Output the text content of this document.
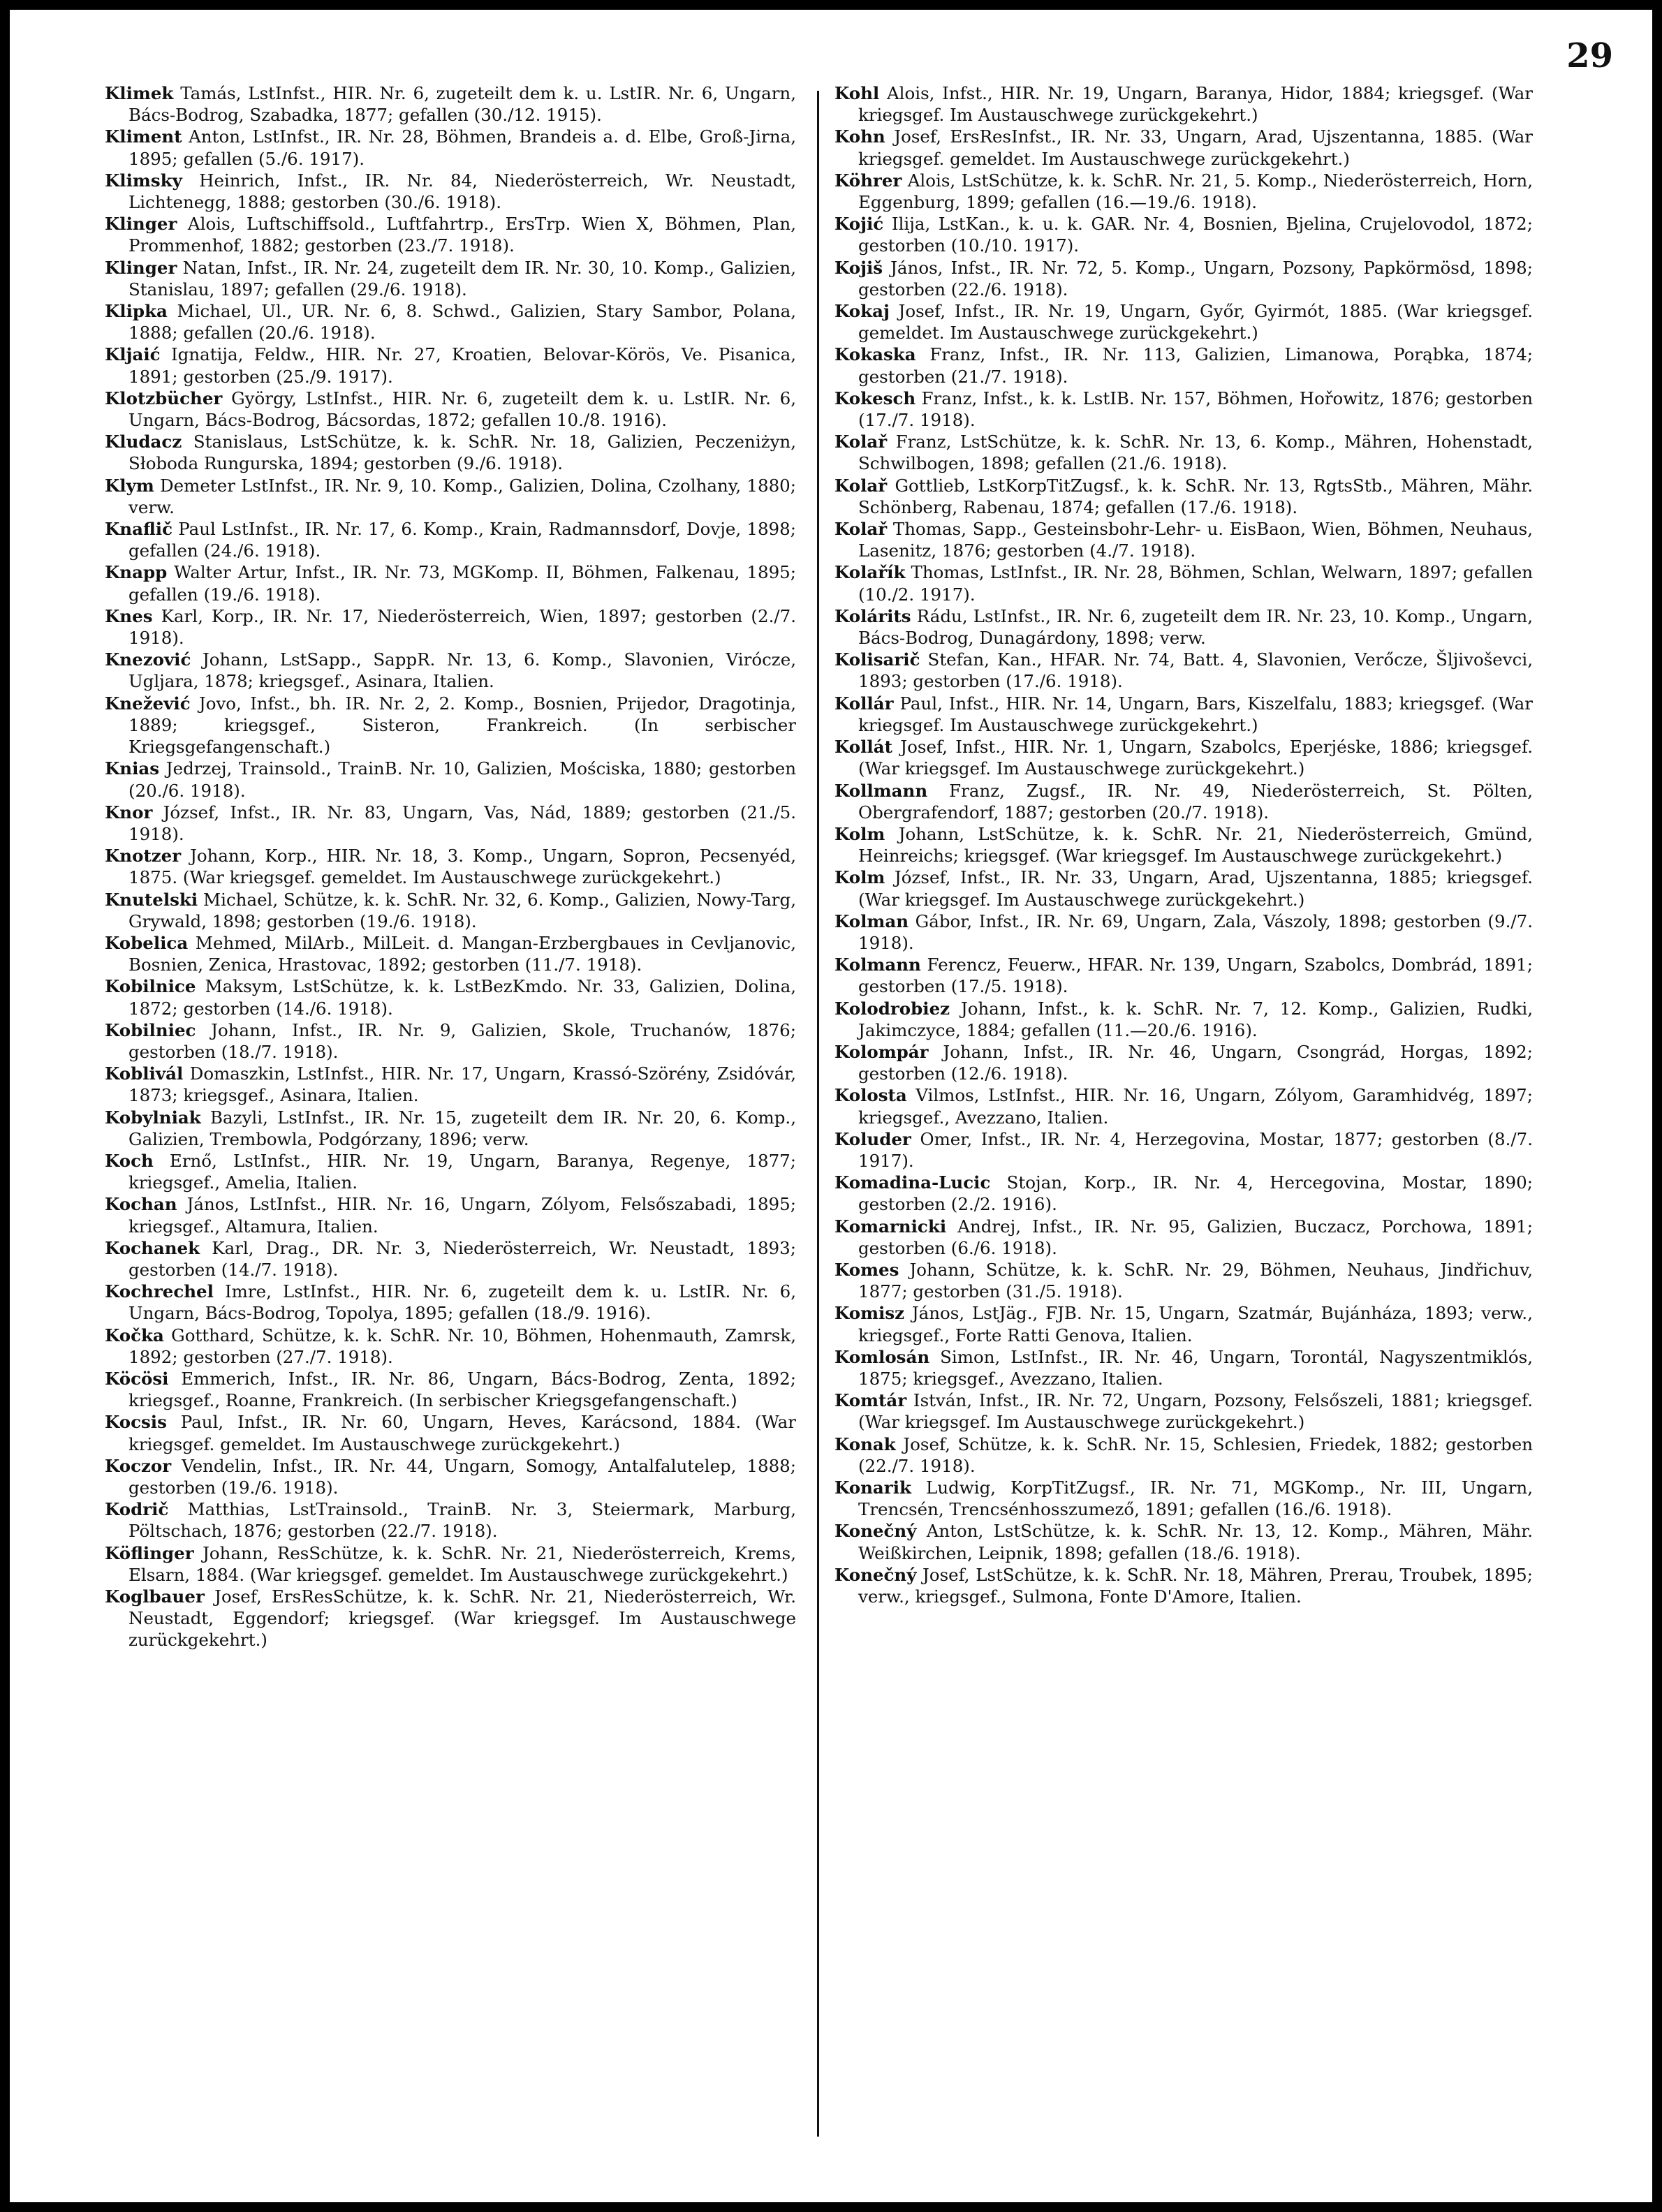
29

Klimek Tamás, LstInfst., HIR. Nr. 6, zugeteilt dem k. u. LstIR. Nr. 6, Ungarn, Bács-Bodrog, Szabadka, 1877; gefallen (30./12. 1915).

Kliment Anton, LstInfst., IR. Nr. 28, Böhmen, Brandeis a. d. Elbe, Groß-Jirna, 1895; gefallen (5./6. 1917).

Klimsky Heinrich, Infst., IR. Nr. 84, Niederösterreich, Wr. Neustadt, Lichtenegg, 1888; gestorben (30./6. 1918).

Klinger Alois, Luftschiffsold., Luftfahrtrp., ErsTrp. Wien X, Böhmen, Plan, Prommenhof, 1882; gestorben (23./7. 1918).

Klinger Natan, Infst., IR. Nr. 24, zugeteilt dem IR. Nr. 30, 10. Komp., Galizien, Stanislau, 1897; gefallen (29./6. 1918).

Klipka Michael, Ul., UR. Nr. 6, 8. Schwd., Galizien, Stary Sambor, Polana, 1888; gefallen (20./6. 1918).

Kljaić Ignatija, Feldw., HIR. Nr. 27, Kroatien, Belovar-Körös, Ve. Pisanica, 1891; gestorben (25./9. 1917).

Klotzbücher György, LstInfst., HIR. Nr. 6, zugeteilt dem k. u. LstIR. Nr. 6, Ungarn, Bács-Bodrog, Bácsordas, 1872; gefallen 10./8. 1916).

Kludacz Stanislaus, LstSchütze, k. k. SchR. Nr. 18, Galizien, Peczeniżyn, Słoboda Rungurska, 1894; gestorben (9./6. 1918).

Klym Demeter LstInfst., IR. Nr. 9, 10. Komp., Galizien, Dolina, Czolhany, 1880; verw.

Knaflič Paul LstInfst., IR. Nr. 17, 6. Komp., Krain, Radmannsdorf, Dovje, 1898; gefallen (24./6. 1918).

Knapp Walter Artur, Infst., IR. Nr. 73, MGKomp. II, Böhmen, Falkenau, 1895; gefallen (19./6. 1918).

Knes Karl, Korp., IR. Nr. 17, Niederösterreich, Wien, 1897; gestorben (2./7. 1918).

Knezović Johann, LstSapp., SappR. Nr. 13, 6. Komp., Slavonien, Virócze, Ugljara, 1878; kriegsgef., Asinara, Italien.

Knežević Jovo, Infst., bh. IR. Nr. 2, 2. Komp., Bosnien, Prijedor, Dragotinja, 1889; kriegsgef., Sisteron, Frankreich. (In serbischer Kriegsgefangenschaft.)

Knias Jedrzej, Trainsold., TrainB. Nr. 10, Galizien, Mościska, 1880; gestorben (20./6. 1918).

Knor József, Infst., IR. Nr. 83, Ungarn, Vas, Nád, 1889; gestorben (21./5. 1918).

Knotzer Johann, Korp., HIR. Nr. 18, 3. Komp., Ungarn, Sopron, Pecsenyéd, 1875. (War kriegsgef. gemeldet. Im Austauschwege zurückgekehrt.)

Knutelski Michael, Schütze, k. k. SchR. Nr. 32, 6. Komp., Galizien, Nowy-Targ, Grywald, 1898; gestorben (19./6. 1918).

Kobelica Mehmed, MilArb., MilLeit. d. Mangan-Erzbergbaues in Cevljanovic, Bosnien, Zenica, Hrastovac, 1892; gestorben (11./7. 1918).

Kobilnice Maksym, LstSchütze, k. k. LstBezKmdo. Nr. 33, Galizien, Dolina, 1872; gestorben (14./6. 1918).

Kobilniec Johann, Infst., IR. Nr. 9, Galizien, Skole, Truchanów, 1876; gestorben (18./7. 1918).

Koblivál Domaszkin, LstInfst., HIR. Nr. 17, Ungarn, Krassó-Szörény, Zsidóvár, 1873; kriegsgef., Asinara, Italien.

Kobylniak Bazyli, LstInfst., IR. Nr. 15, zugeteilt dem IR. Nr. 20, 6. Komp., Galizien, Trembowla, Podgórzany, 1896; verw.

Koch Ernő, LstInfst., HIR. Nr. 19, Ungarn, Baranya, Regenye, 1877; kriegsgef., Amelia, Italien.

Kochan János, LstInfst., HIR. Nr. 16, Ungarn, Zólyom, Felsőszabadi, 1895; kriegsgef., Altamura, Italien.

Kochanek Karl, Drag., DR. Nr. 3, Niederösterreich, Wr. Neustadt, 1893; gestorben (14./7. 1918).

Kochrechel Imre, LstInfst., HIR. Nr. 6, zugeteilt dem k. u. LstIR. Nr. 6, Ungarn, Bács-Bodrog, Topolya, 1895; gefallen (18./9. 1916).

Kočka Gotthard, Schütze, k. k. SchR. Nr. 10, Böhmen, Hohenmauth, Zamrsk, 1892; gestorben (27./7. 1918).

Köcösi Emmerich, Infst., IR. Nr. 86, Ungarn, Bács-Bodrog, Zenta, 1892; kriegsgef., Roanne, Frankreich. (In serbischer Kriegsgefangenschaft.)

Kocsis Paul, Infst., IR. Nr. 60, Ungarn, Heves, Karácsond, 1884. (War kriegsgef. gemeldet. Im Austauschwege zurückgekehrt.)

Koczor Vendelin, Infst., IR. Nr. 44, Ungarn, Somogy, Antalfalutelep, 1888; gestorben (19./6. 1918).

Kodrič Matthias, LstTrainsold., TrainB. Nr. 3, Steiermark, Marburg, Pöltschach, 1876; gestorben (22./7. 1918).

Köflinger Johann, ResSchütze, k. k. SchR. Nr. 21, Niederösterreich, Krems, Elsarn, 1884. (War kriegsgef. gemeldet. Im Austauschwege zurückgekehrt.)

Koglbauer Josef, ErsResSchütze, k. k. SchR. Nr. 21, Niederösterreich, Wr. Neustadt, Eggendorf; kriegsgef. (War kriegsgef. Im Austauschwege zurückgekehrt.)

Kohl Alois, Infst., HIR. Nr. 19, Ungarn, Baranya, Hidor, 1884; kriegsgef. (War kriegsgef. Im Austauschwege zurückgekehrt.)

Kohn Josef, ErsResInfst., IR. Nr. 33, Ungarn, Arad, Ujszentanna, 1885. (War kriegsgef. gemeldet. Im Austauschwege zurückgekehrt.)

Köhrer Alois, LstSchütze, k. k. SchR. Nr. 21, 5. Komp., Niederösterreich, Horn, Eggenburg, 1899; gefallen (16.—19./6. 1918).

Kojić Ilija, LstKan., k. u. k. GAR. Nr. 4, Bosnien, Bjelina, Crujelovodol, 1872; gestorben (10./10. 1917).

Kojiš János, Infst., IR. Nr. 72, 5. Komp., Ungarn, Pozsony, Papkörmösd, 1898; gestorben (22./6. 1918).

Kokaj Josef, Infst., IR. Nr. 19, Ungarn, Győr, Gyirmót, 1885. (War kriegsgef. gemeldet. Im Austauschwege zurückgekehrt.)

Kokaska Franz, Infst., IR. Nr. 113, Galizien, Limanowa, Porąbka, 1874; gestorben (21./7. 1918).

Kokesch Franz, Infst., k. k. LstIB. Nr. 157, Böhmen, Hořowitz, 1876; gestorben (17./7. 1918).

Kolař Franz, LstSchütze, k. k. SchR. Nr. 13, 6. Komp., Mähren, Hohenstadt, Schwilbogen, 1898; gefallen (21./6. 1918).

Kolař Gottlieb, LstKorpTitZugsf., k. k. SchR. Nr. 13, RgtsStb., Mähren, Mähr. Schönberg, Rabenau, 1874; gefallen (17./6. 1918).

Kolař Thomas, Sapp., Gesteinsbohr-Lehr- u. EisBaon, Wien, Böhmen, Neuhaus, Lasenitz, 1876; gestorben (4./7. 1918).

Kolařík Thomas, LstInfst., IR. Nr. 28, Böhmen, Schlan, Welwarn, 1897; gefallen (10./2. 1917).

Kolárits Rádu, LstInfst., IR. Nr. 6, zugeteilt dem IR. Nr. 23, 10. Komp., Ungarn, Bács-Bodrog, Dunagárdony, 1898; verw.

Kolisarič Stefan, Kan., HFAR. Nr. 74, Batt. 4, Slavonien, Verőcze, Šljivoševci, 1893; gestorben (17./6. 1918).

Kollár Paul, Infst., HIR. Nr. 14, Ungarn, Bars, Kiszelfalu, 1883; kriegsgef. (War kriegsgef. Im Austauschwege zurückgekehrt.)

Kollát Josef, Infst., HIR. Nr. 1, Ungarn, Szabolcs, Eperjéske, 1886; kriegsgef. (War kriegsgef. Im Austauschwege zurückgekehrt.)

Kollmann Franz, Zugsf., IR. Nr. 49, Niederösterreich, St. Pölten, Obergrafendorf, 1887; gestorben (20./7. 1918).

Kolm Johann, LstSchütze, k. k. SchR. Nr. 21, Niederösterreich, Gmünd, Heinreichs; kriegsgef. (War kriegsgef. Im Austauschwege zurückgekehrt.)

Kolm József, Infst., IR. Nr. 33, Ungarn, Arad, Ujszentanna, 1885; kriegsgef. (War kriegsgef. Im Austauschwege zurückgekehrt.)

Kolman Gábor, Infst., IR. Nr. 69, Ungarn, Zala, Vászoly, 1898; gestorben (9./7. 1918).

Kolmann Ferencz, Feuerw., HFAR. Nr. 139, Ungarn, Szabolcs, Dombrád, 1891; gestorben (17./5. 1918).

Kolodrobiez Johann, Infst., k. k. SchR. Nr. 7, 12. Komp., Galizien, Rudki, Jakimczyce, 1884; gefallen (11.—20./6. 1916).

Kolompár Johann, Infst., IR. Nr. 46, Ungarn, Csongrád, Horgas, 1892; gestorben (12./6. 1918).

Kolosta Vilmos, LstInfst., HIR. Nr. 16, Ungarn, Zólyom, Garamhidvég, 1897; kriegsgef., Avezzano, Italien.

Koluder Omer, Infst., IR. Nr. 4, Herzegovina, Mostar, 1877; gestorben (8./7. 1917).

Komadina-Lucic Stojan, Korp., IR. Nr. 4, Hercegovina, Mostar, 1890; gestorben (2./2. 1916).

Komarnicki Andrej, Infst., IR. Nr. 95, Galizien, Buczacz, Porchowa, 1891; gestorben (6./6. 1918).

Komes Johann, Schütze, k. k. SchR. Nr. 29, Böhmen, Neuhaus, Jindřichuv, 1877; gestorben (31./5. 1918).

Komisz János, LstJäg., FJB. Nr. 15, Ungarn, Szatmár, Bujánháza, 1893; verw., kriegsgef., Forte Ratti Genova, Italien.

Komlosán Simon, LstInfst., IR. Nr. 46, Ungarn, Torontál, Nagyszentmiklós, 1875; kriegsgef., Avezzano, Italien.

Komtár István, Infst., IR. Nr. 72, Ungarn, Pozsony, Felsőszeli, 1881; kriegsgef. (War kriegsgef. Im Austauschwege zurückgekehrt.)

Konak Josef, Schütze, k. k. SchR. Nr. 15, Schlesien, Friedek, 1882; gestorben (22./7. 1918).

Konarik Ludwig, KorpTitZugsf., IR. Nr. 71, MGKomp., Nr. III, Ungarn, Trencsén, Trencsénhosszumező, 1891; gefallen (16./6. 1918).

Konečný Anton, LstSchütze, k. k. SchR. Nr. 13, 12. Komp., Mähren, Mähr. Weißkirchen, Leipnik, 1898; gefallen (18./6. 1918).

Konečný Josef, LstSchütze, k. k. SchR. Nr. 18, Mähren, Prerau, Troubek, 1895; verw., kriegsgef., Sulmona, Fonte D'Amore, Italien.
